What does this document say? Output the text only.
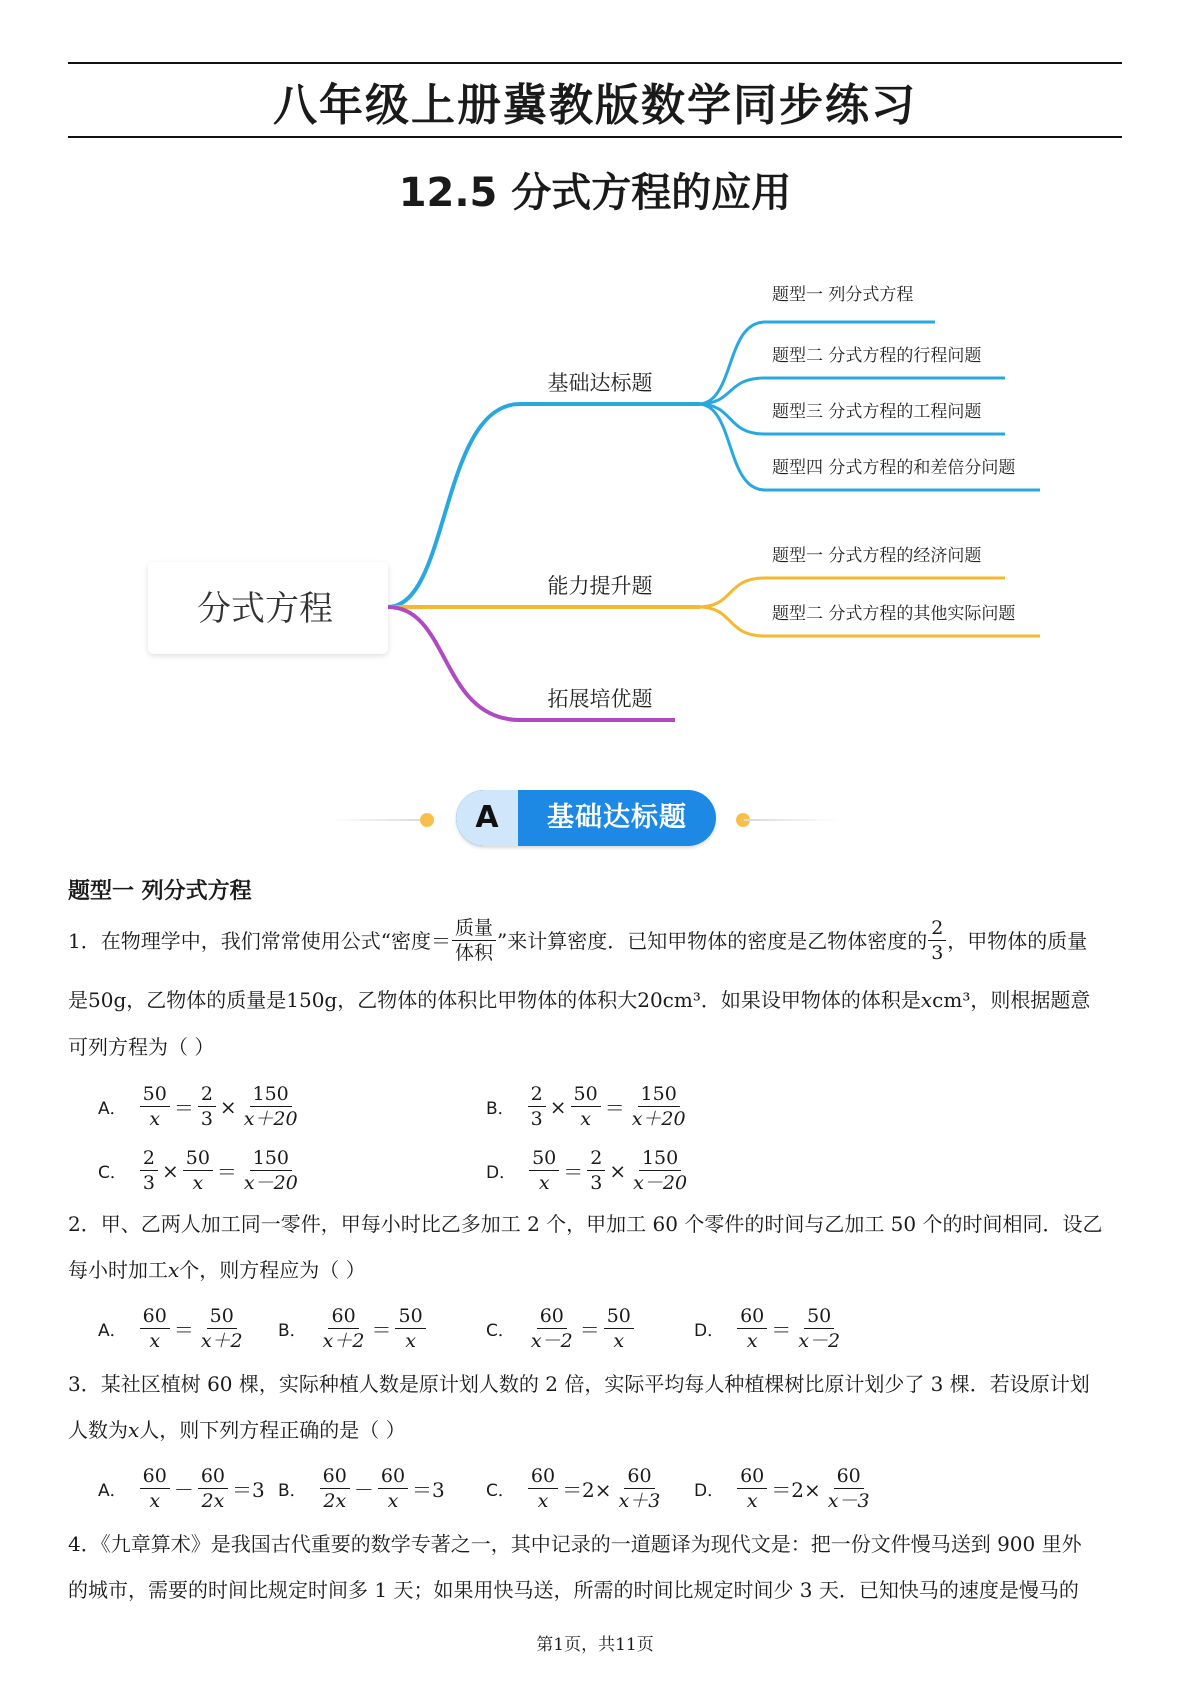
八年级上册冀教版数学同步练习
12.5 分式方程的应用
分式方程
基础达标题
题型一 列分式方程
题型二 分式方程的行程问题
题型三 分式方程的工程问题
题型四 分式方程的和差倍分问题
能力提升题
题型一 分式方程的经济问题
题型二 分式方程的其他实际问题
拓展培优题
A	基础达标题
题型一 列分式方程
1．在物理学中，我们常常使用公式“密度＝ $\frac{\text{质量}}{\text{体积}}$ ”来计算密度．已知甲物体的密度是乙物体密度的 $\frac{2}{3}$ ，甲物体的质量
是50g，乙物体的质量是150g，乙物体的体积比甲物体的体积大20cm³．如果设甲物体的体积是xcm³，则根据题意
可列方程为（ ）
A． $\frac{50}{x} = \frac{2}{3} \times \frac{150}{x+20}$	B． $\frac{2}{3} \times \frac{50}{x} = \frac{150}{x+20}$
C． $\frac{2}{3} \times \frac{50}{x} = \frac{150}{x-20}$	D． $\frac{50}{x} = \frac{2}{3} \times \frac{150}{x-20}$
2．甲、乙两人加工同一零件，甲每小时比乙多加工 2 个，甲加工 60 个零件的时间与乙加工 50 个的时间相同．设乙
每小时加工x个，则方程应为（ ）
A． $\frac{60}{x} = \frac{50}{x+2}$ B． $\frac{60}{x+2} = \frac{50}{x}$	C． $\frac{60}{x-2} = \frac{50}{x}$	D． $\frac{60}{x} = \frac{50}{x-2}$
3．某社区植树 60 棵，实际种植人数是原计划人数的 2 倍，实际平均每人种植棵树比原计划少了 3 棵．若设原计划
人数为x人，则下列方程正确的是（ ）
A． $\frac{60}{x} - \frac{60}{2x} =3$ B． $\frac{60}{2x} - \frac{60}{x} =3$ C． $\frac{60}{x} =2\times \frac{60}{x+3}$ D． $\frac{60}{x} =2\times \frac{60}{x-3}$
4．《九章算术》是我国古代重要的数学专著之一，其中记录的一道题译为现代文是：把一份文件慢马送到 900 里外
的城市，需要的时间比规定时间多 1 天；如果用快马送，所需的时间比规定时间少 3 天．已知快马的速度是慢马的
第1页，共11页
